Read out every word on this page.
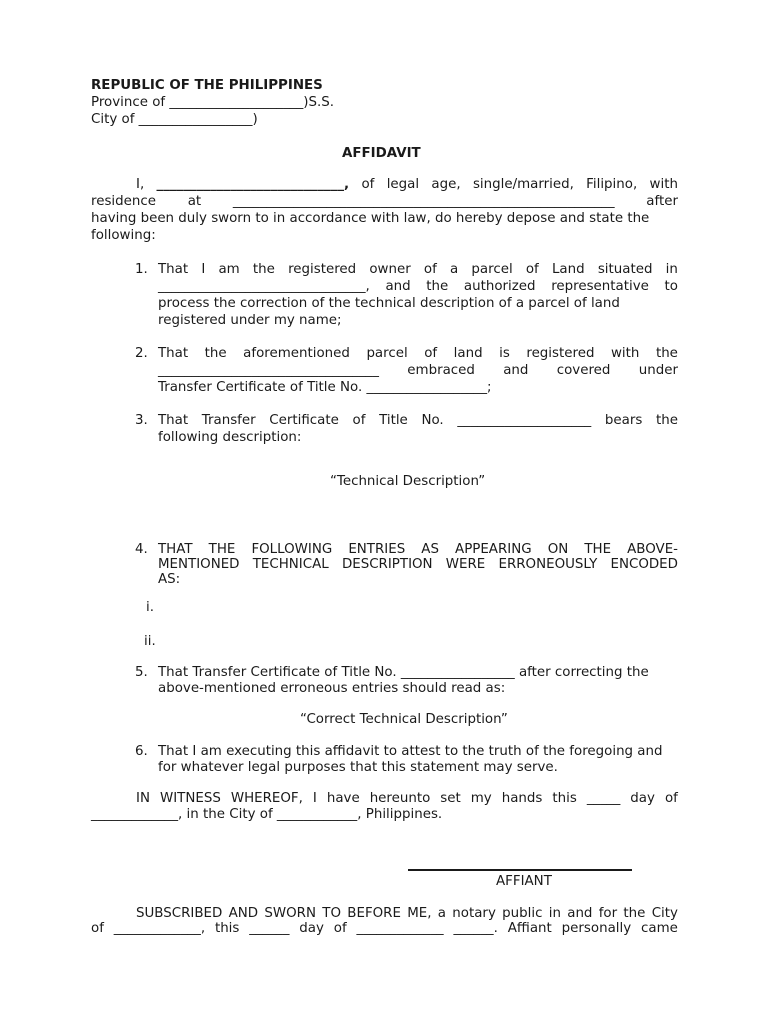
REPUBLIC OF THE PHILIPPINES
Province of ____________________)S.S.
City of _________________)
AFFIDAVIT
I, ____________________________, of legal age, single/married, Filipino, with
residence at _________________________________________________________ after
having been duly sworn to in accordance with law, do hereby depose and state the
following:
1. That I am the registered owner of a parcel of Land situated in
_______________________________, and the authorized representative to
process the correction of the technical description of a parcel of land
registered under my name;
2. That the aforementioned parcel of land is registered with the
_________________________________ embraced and covered under
Transfer Certificate of Title No. __________________;
3. That Transfer Certificate of Title No. ____________________ bears the
following description:
“Technical Description”
4. THAT THE FOLLOWING ENTRIES AS APPEARING ON THE ABOVE-
MENTIONED TECHNICAL DESCRIPTION WERE ERRONEOUSLY ENCODED
AS:
i.
ii.
5. That Transfer Certificate of Title No. _________________ after correcting the
above-mentioned erroneous entries should read as:
“Correct Technical Description”
6. That I am executing this affidavit to attest to the truth of the foregoing and
for whatever legal purposes that this statement may serve.
IN WITNESS WHEREOF, I have hereunto set my hands this _____ day of
_____________, in the City of ____________, Philippines.
AFFIANT
SUBSCRIBED AND SWORN TO BEFORE ME, a notary public in and for the City
of _____________, this ______ day of _____________ ______. Affiant personally came
